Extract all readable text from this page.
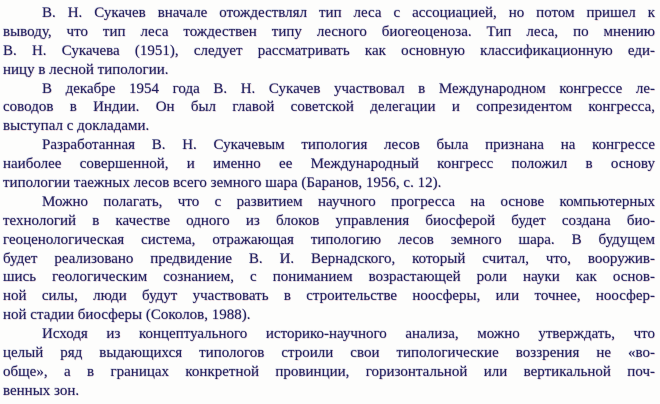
В. Н. Сукачев вначале отождествлял тип леса с ассоциацией, но потом пришел к
выводу, что тип леса тождествен типу лесного биогеоценоза. Тип леса, по мнению
В. Н. Сукачева (1951), следует рассматривать как основную классификационную еди-
ницу в лесной типологии.
В декабре 1954 года В. Н. Сукачев участвовал в Международном конгрессе ле-
соводов в Индии. Он был главой советской делегации и сопрезидентом конгресса,
выступал с докладами.
Разработанная В. Н. Сукачевым типология лесов была признана на конгрессе
наиболее совершенной, и именно ее Международный конгресс положил в основу
типологии таежных лесов всего земного шара (Баранов, 1956, с. 12).
Можно полагать, что с развитием научного прогресса на основе компьютерных
технологий в качестве одного из блоков управления биосферой будет создана био-
геоценологическая система, отражающая типологию лесов земного шара. В будущем
будет реализовано предвидение В. И. Вернадского, который считал, что, вооружив-
шись геологическим сознанием, с пониманием возрастающей роли науки как основ-
ной силы, люди будут участвовать в строительстве ноосферы, или точнее, ноосфер-
ной стадии биосферы (Соколов, 1988).
Исходя из концептуального историко-научного анализа, можно утверждать, что
целый ряд выдающихся типологов строили свои типологические воззрения не «во-
обще», а в границах конкретной провинции, горизонтальной или вертикальной поч-
венных зон.
